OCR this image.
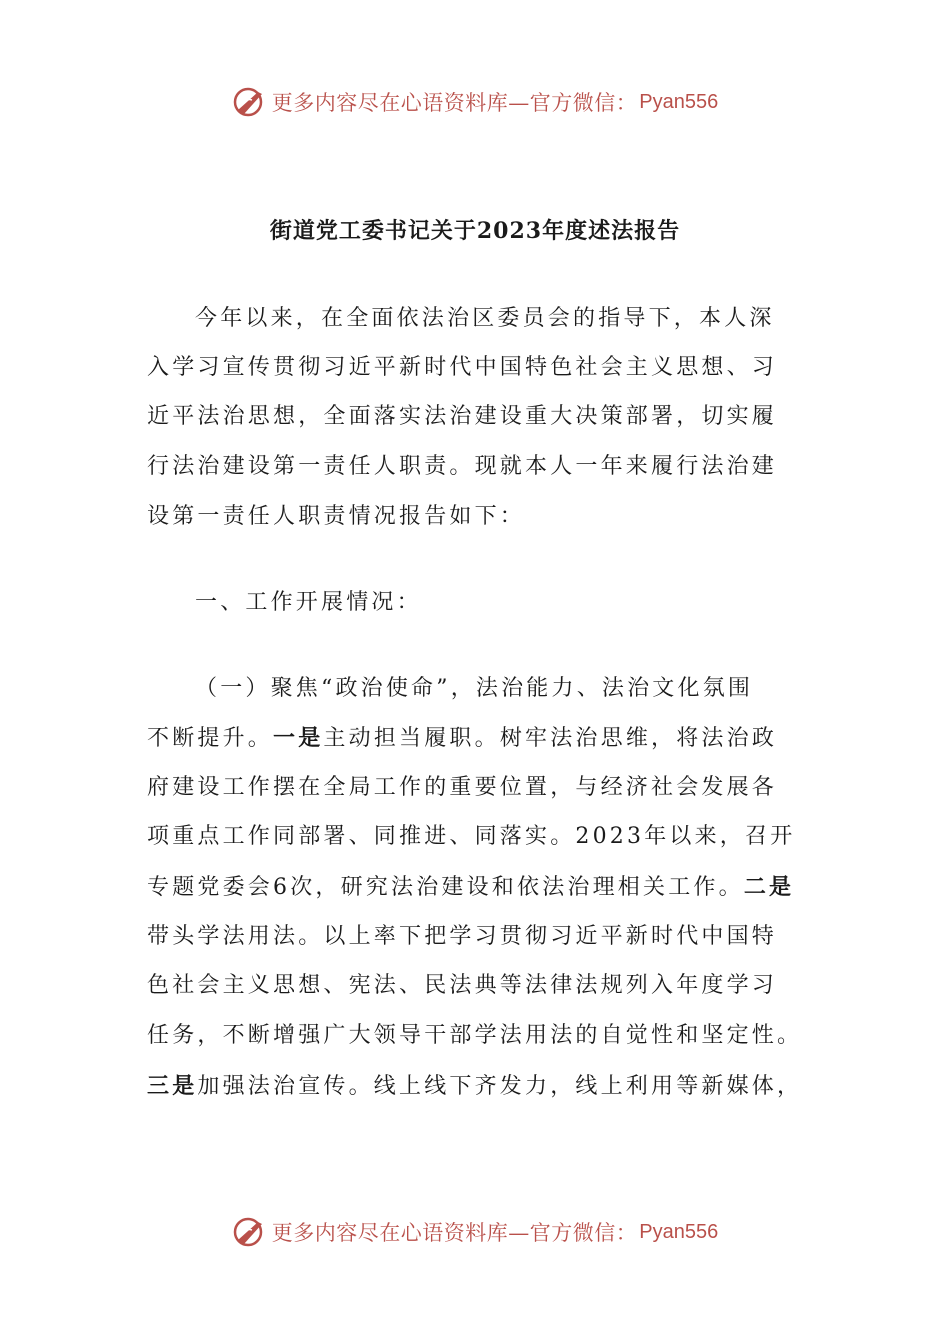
更多内容尽在心语资料库—官方微信： Pyan556
街道党工委书记关于2023年度述法报告
今年以来，在全面依法治区委员会的指导下，本人深
入学习宣传贯彻习近平新时代中国特色社会主义思想、习
近平法治思想，全面落实法治建设重大决策部署，切实履
行法治建设第一责任人职责。现就本人一年来履行法治建
设第一责任人职责情况报告如下：
一、工作开展情况：
（一）聚焦“政治使命”，法治能力、法治文化氛围
不断提升。一是主动担当履职。树牢法治思维，将法治政
府建设工作摆在全局工作的重要位置，与经济社会发展各
项重点工作同部署、同推进、同落实。2023年以来，召开
专题党委会6次，研究法治建设和依法治理相关工作。二是
带头学法用法。以上率下把学习贯彻习近平新时代中国特
色社会主义思想、宪法、民法典等法律法规列入年度学习
任务，不断增强广大领导干部学法用法的自觉性和坚定性。
三是加强法治宣传。线上线下齐发力，线上利用等新媒体，
更多内容尽在心语资料库—官方微信： Pyan556
